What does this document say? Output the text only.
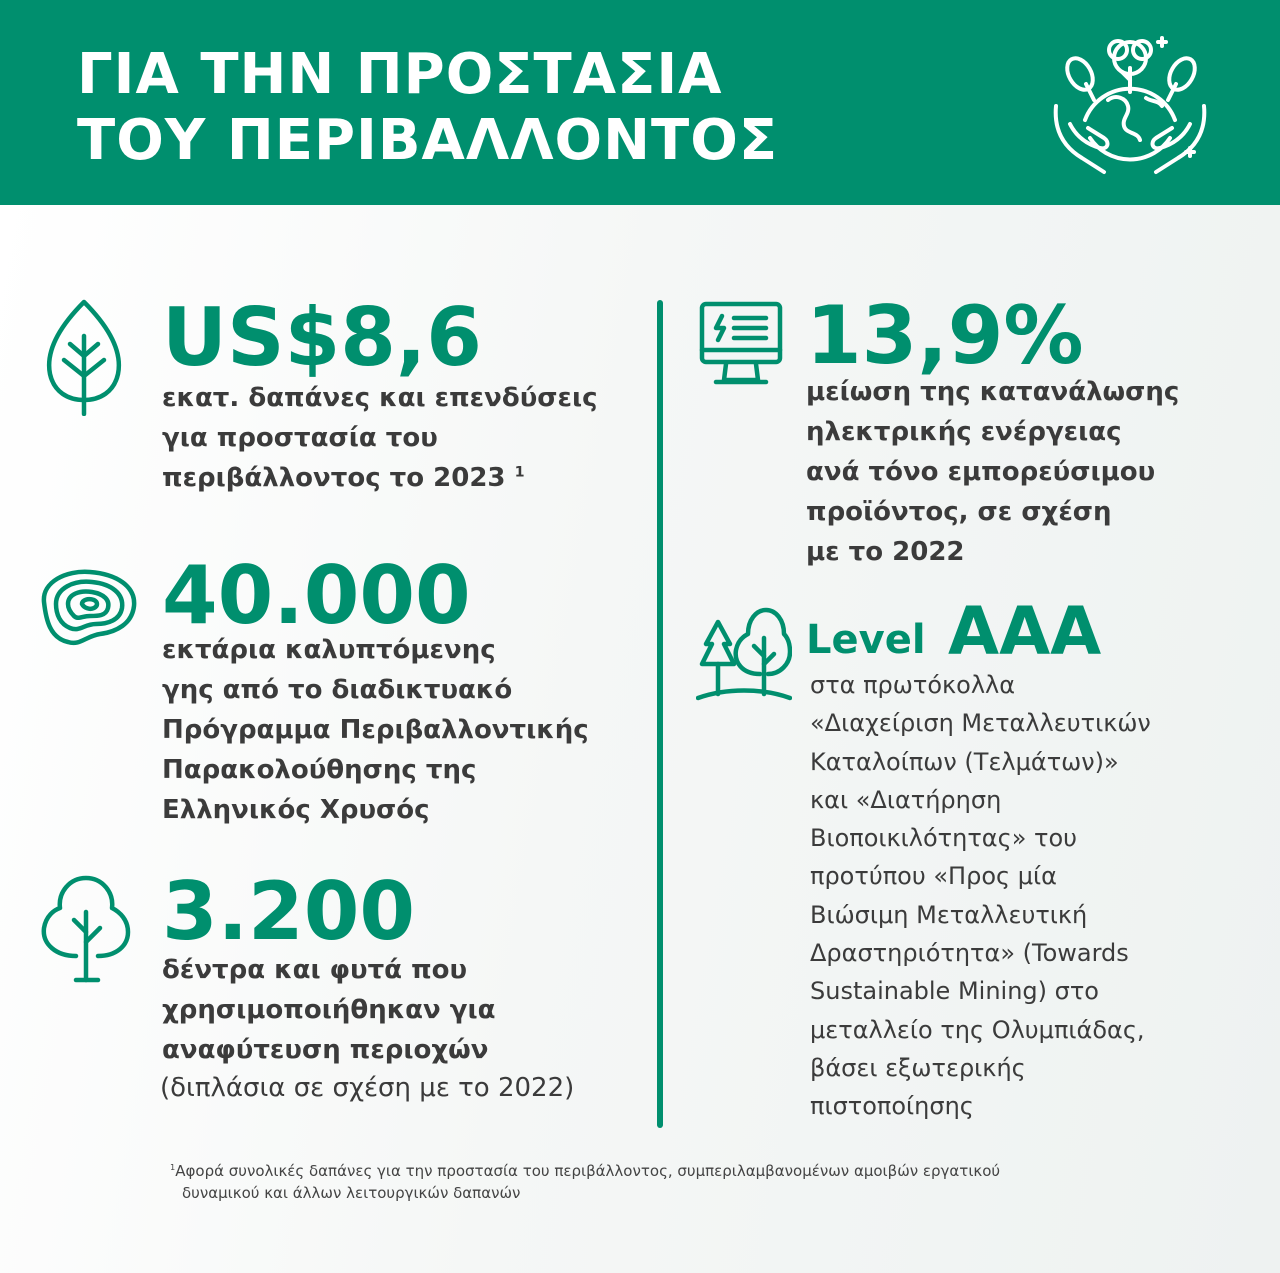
ΓΙΑ ΤΗΝ ΠΡΟΣΤΑΣΙΑ
ΤΟΥ ΠΕΡΙΒΑΛΛΟΝΤΟΣ
US$8,6
εκατ. δαπάνες και επενδύσεις
για προστασία του
περιβάλλοντος το 2023 $^1$
40.000
εκτάρια καλυπτόμενης
γης από το διαδικτυακό
Πρόγραμμα Περιβαλλοντικής
Παρακολούθησης της
Ελληνικός Χρυσός
3.200
δέντρα και φυτά που
χρησιμοποιήθηκαν για
αναφύτευση περιοχών
(διπλάσια σε σχέση με το 2022)
13,9%
μείωση της κατανάλωσης
ηλεκτρικής ενέργειας
ανά τόνο εμπορεύσιμου
προϊόντος, σε σχέση
με το 2022
Level AAA
στα πρωτόκολλα
«Διαχείριση Μεταλλευτικών
Καταλοίπων (Τελμάτων)»
και «Διατήρηση
Βιοποικιλότητας» του
προτύπου «Προς μία
Βιώσιμη Μεταλλευτική
Δραστηριότητα» (Towards
Sustainable Mining) στο
μεταλλείο της Ολυμπιάδας,
βάσει εξωτερικής
πιστοποίησης
$^1$Αφορά συνολικές δαπάνες για την προστασία του περιβάλλοντος, συμπεριλαμβανομένων αμοιβών εργατικού
δυναμικού και άλλων λειτουργικών δαπανών
